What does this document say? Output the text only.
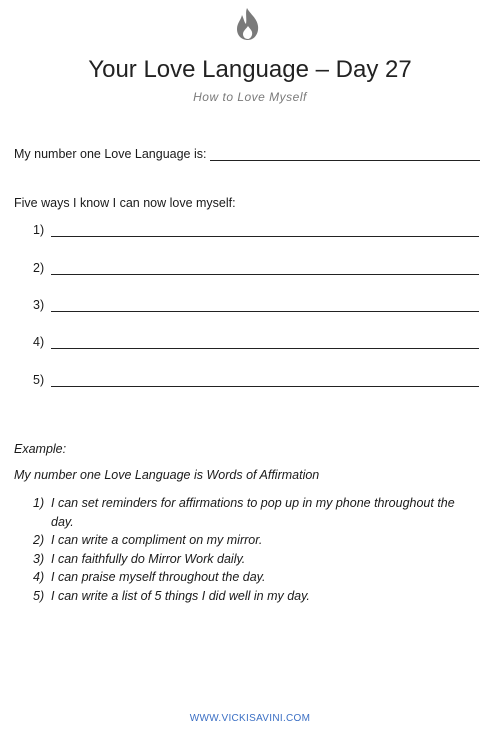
Your Love Language – Day 27
How to Love Myself
My number one Love Language is:
Five ways I know I can now love myself:
1)
2)
3)
4)
5)
Example:
My number one Love Language is Words of Affirmation
1) I can set reminders for affirmations to pop up in my phone throughout the day.
2) I can write a compliment on my mirror.
3) I can faithfully do Mirror Work daily.
4) I can praise myself throughout the day.
5) I can write a list of 5 things I did well in my day.
WWW.VICKISAVINI.COM
